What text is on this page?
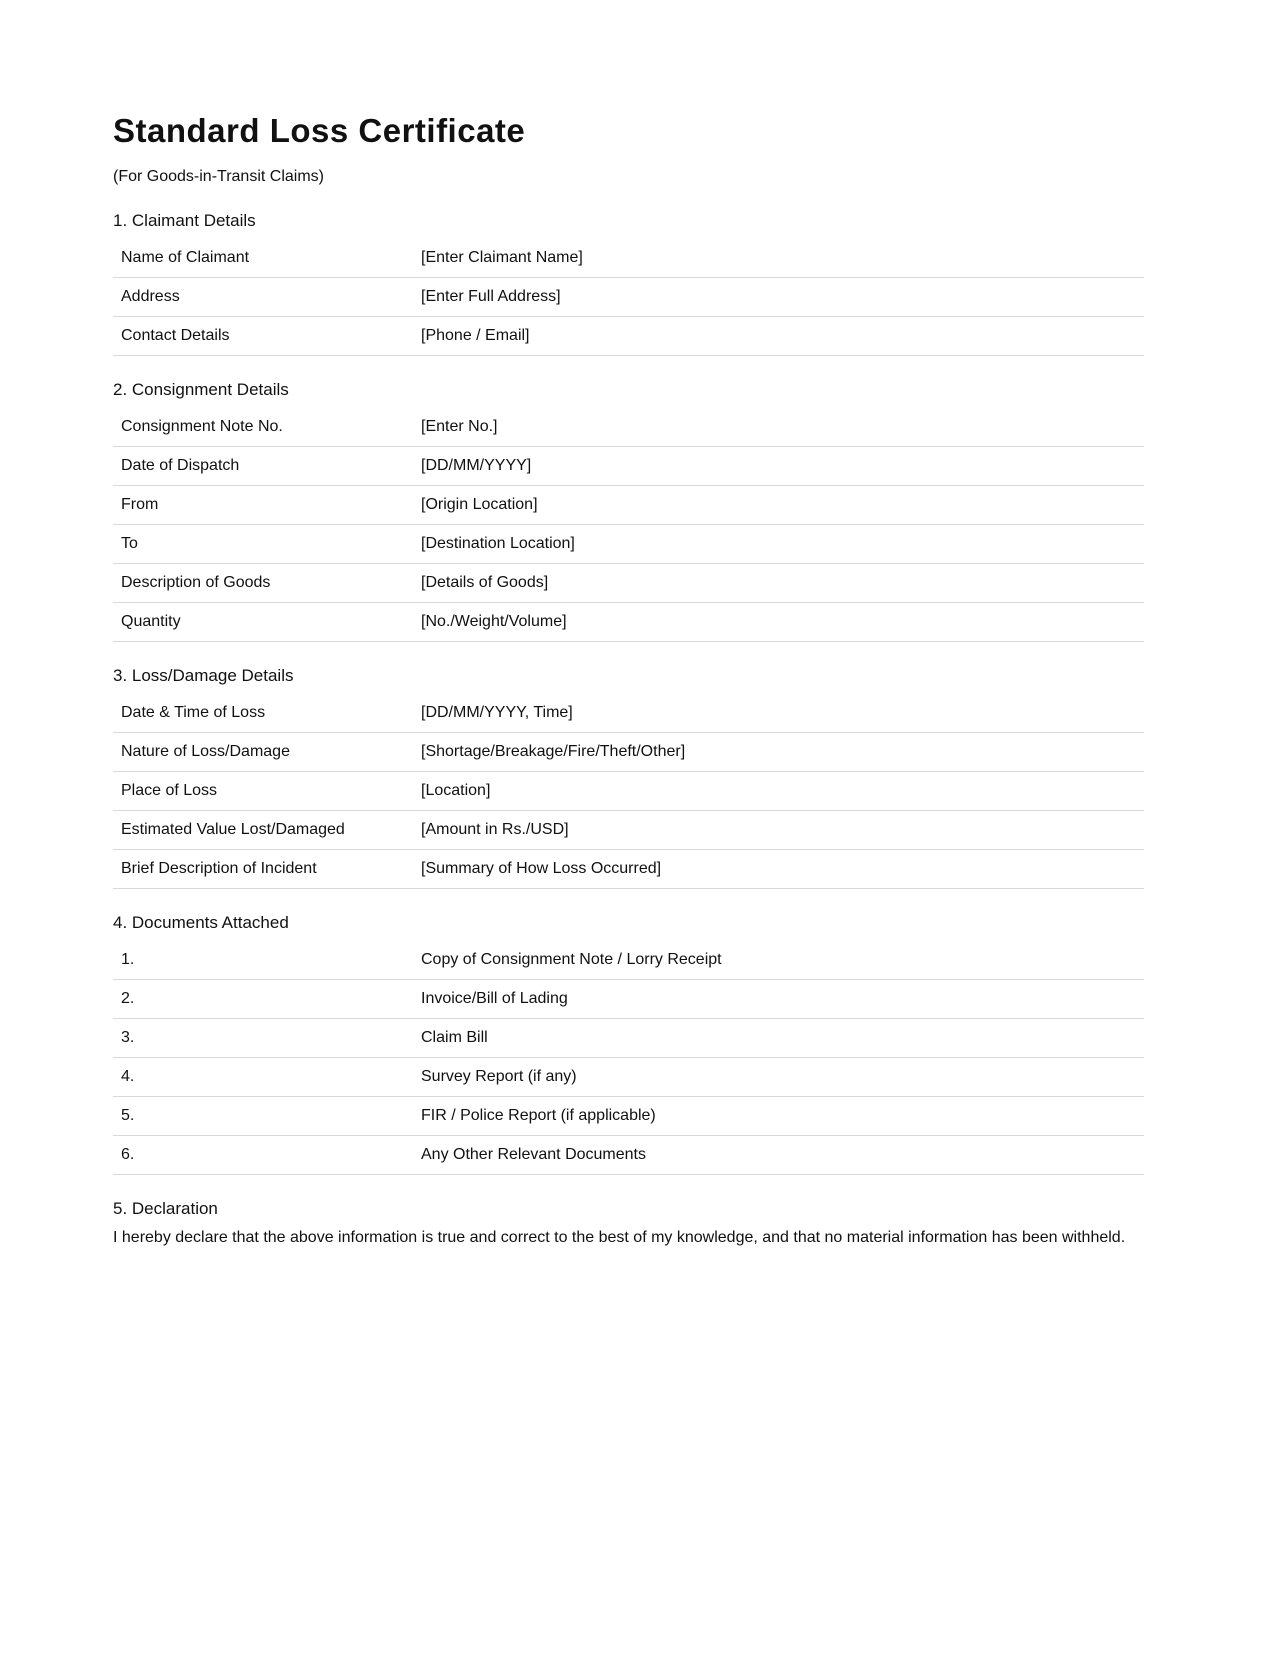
Standard Loss Certificate

(For Goods-in-Transit Claims)

1. Claimant Details
Name of Claimant	[Enter Claimant Name]
Address	[Enter Full Address]
Contact Details	[Phone / Email]
2. Consignment Details
Consignment Note No.	[Enter No.]
Date of Dispatch	[DD/MM/YYYY]
From	[Origin Location]
To	[Destination Location]
Description of Goods	[Details of Goods]
Quantity	[No./Weight/Volume]
3. Loss/Damage Details
Date & Time of Loss	[DD/MM/YYYY, Time]
Nature of Loss/Damage	[Shortage/Breakage/Fire/Theft/Other]
Place of Loss	[Location]
Estimated Value Lost/Damaged	[Amount in Rs./USD]
Brief Description of Incident	[Summary of How Loss Occurred]
4. Documents Attached
1.	Copy of Consignment Note / Lorry Receipt
2.	Invoice/Bill of Lading
3.	Claim Bill
4.	Survey Report (if any)
5.	FIR / Police Report (if applicable)
6.	Any Other Relevant Documents
5. Declaration

I hereby declare that the above information is true and correct to the best of my knowledge, and that no material information has been withheld.
